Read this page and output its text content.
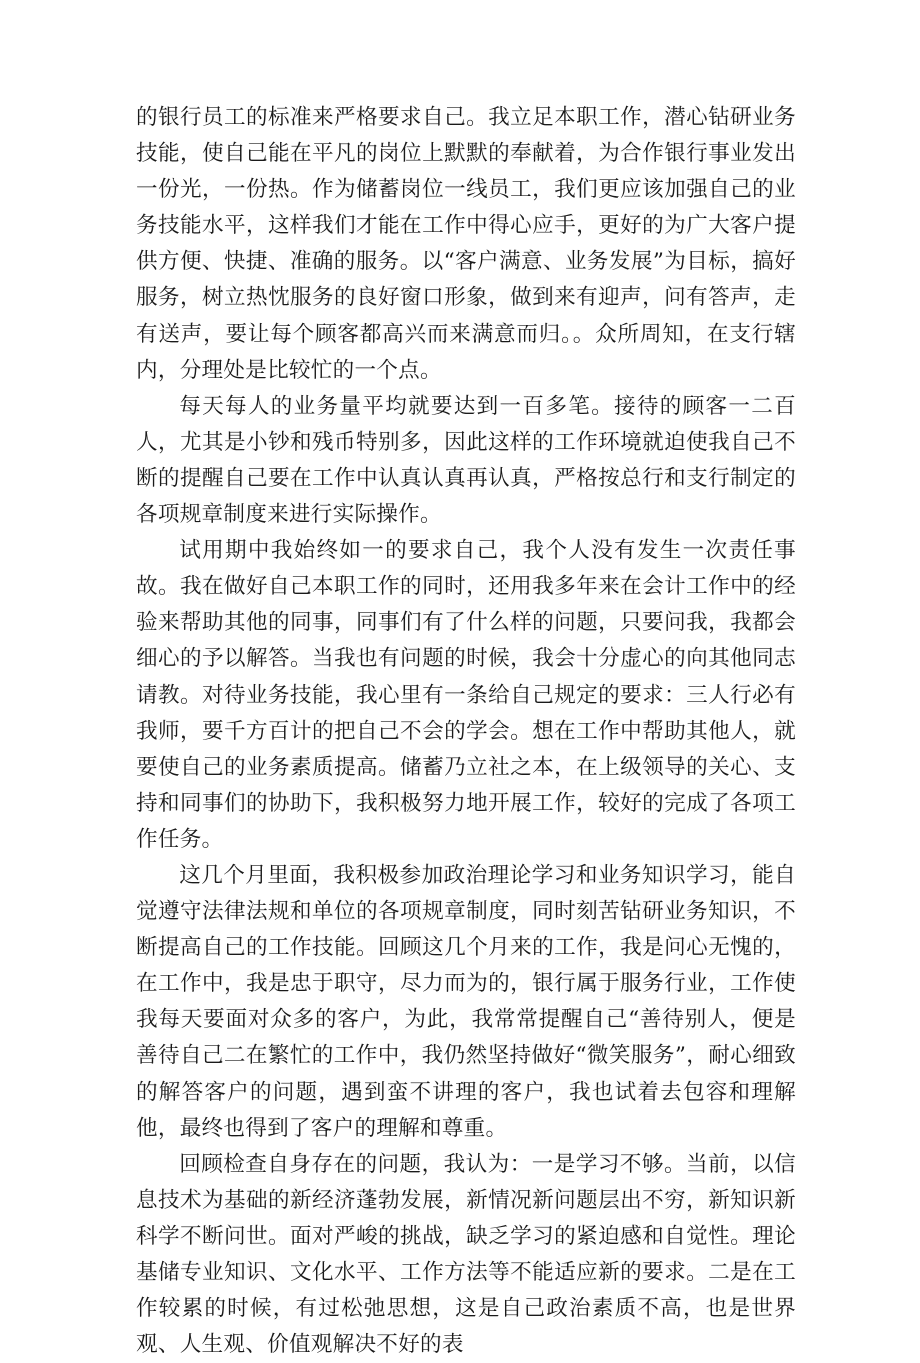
的银行员工的标准来严格要求自己。我立足本职工作，潜心钻研业务技能，使自己能在平凡的岗位上默默的奉献着，为合作银行事业发出一份光，一份热。作为储蓄岗位一线员工，我们更应该加强自己的业务技能水平，这样我们才能在工作中得心应手，更好的为广大客户提供方便、快捷、准确的服务。以“客户满意、业务发展”为目标，搞好服务，树立热忱服务的良好窗口形象，做到来有迎声，问有答声，走有送声，要让每个顾客都高兴而来满意而归。。众所周知，在支行辖内，分理处是比较忙的一个点。

每天每人的业务量平均就要达到一百多笔。接待的顾客一二百人，尤其是小钞和残币特别多，因此这样的工作环境就迫使我自己不断的提醒自己要在工作中认真认真再认真，严格按总行和支行制定的各项规章制度来进行实际操作。

试用期中我始终如一的要求自己，我个人没有发生一次责任事故。我在做好自己本职工作的同时，还用我多年来在会计工作中的经验来帮助其他的同事，同事们有了什么样的问题，只要问我，我都会细心的予以解答。当我也有问题的时候，我会十分虚心的向其他同志请教。对待业务技能，我心里有一条给自己规定的要求：三人行必有我师，要千方百计的把自己不会的学会。想在工作中帮助其他人，就要使自己的业务素质提高。储蓄乃立社之本，在上级领导的关心、支持和同事们的协助下，我积极努力地开展工作，较好的完成了各项工作任务。

这几个月里面，我积极参加政治理论学习和业务知识学习，能自觉遵守法律法规和单位的各项规章制度，同时刻苦钻研业务知识，不断提高自己的工作技能。回顾这几个月来的工作，我是问心无愧的，在工作中，我是忠于职守，尽力而为的，银行属于服务行业，工作使我每天要面对众多的客户，为此，我常常提醒自己“善待别人，便是善待自己二在繁忙的工作中，我仍然坚持做好“微笑服务”，耐心细致的解答客户的问题，遇到蛮不讲理的客户，我也试着去包容和理解他，最终也得到了客户的理解和尊重。

回顾检查自身存在的问题，我认为：一是学习不够。当前，以信息技术为基础的新经济蓬勃发展，新情况新问题层出不穷，新知识新科学不断问世。面对严峻的挑战，缺乏学习的紧迫感和自觉性。理论基储专业知识、文化水平、工作方法等不能适应新的要求。二是在工作较累的时候，有过松弛思想，这是自己政治素质不高，也是世界观、人生观、价值观解决不好的表
